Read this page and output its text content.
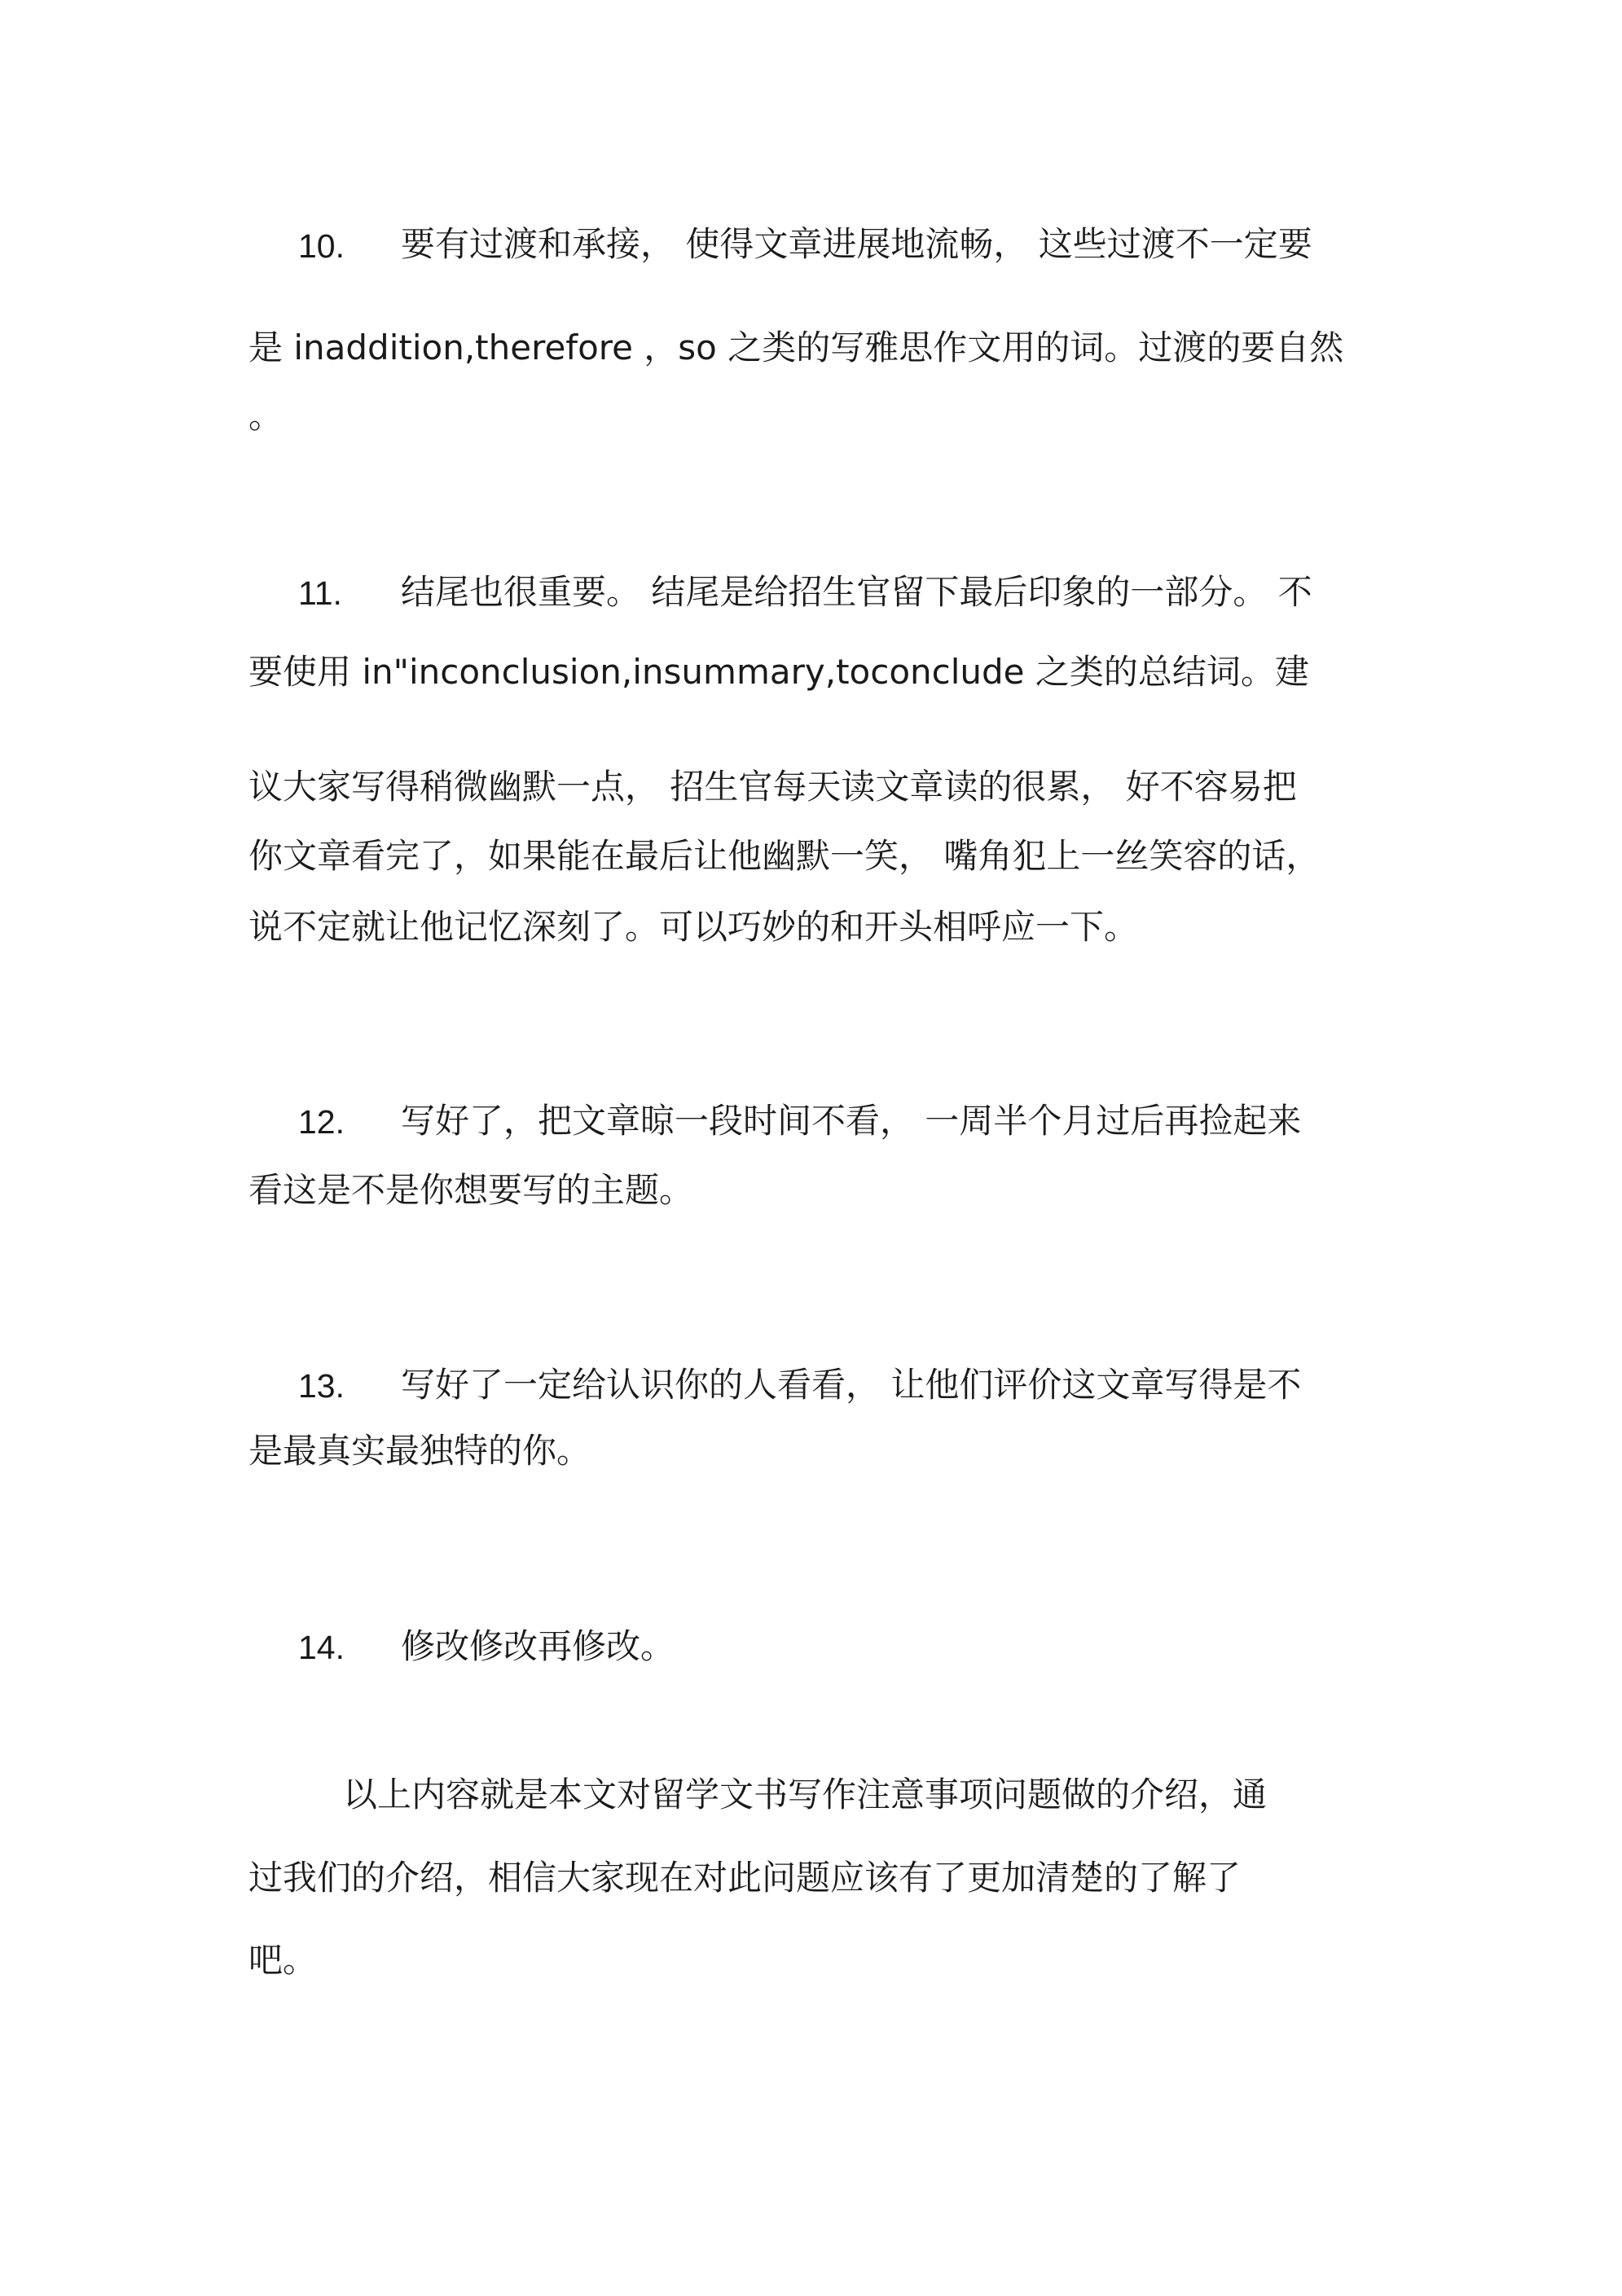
10. 要有过渡和承接， 使得文章进展地流畅， 这些过渡不一定要
是 inaddition,therefore ，so 之类的写雅思作文用的词。过渡的要自然
。
11. 结尾也很重要。 结尾是给招生官留下最后印象的一部分。 不
要使用 in"inconclusion,insummary,toconclude 之类的总结词。建
议大家写得稍微幽默一点， 招生官每天读文章读的很累， 好不容易把
你文章看完了，如果能在最后让他幽默一笑， 嘴角犯上一丝笑容的话，
说不定就让他记忆深刻了。可以巧妙的和开头相呼应一下。
12. 写好了，把文章晾一段时间不看， 一周半个月过后再捡起来
看这是不是你想要写的主题。
13. 写好了一定给认识你的人看看， 让他们评价这文章写得是不
是最真实最独特的你。
14. 修改修改再修改。
以上内容就是本文对留学文书写作注意事项问题做的介绍，通
过我们的介绍，相信大家现在对此问题应该有了更加清楚的了解了
吧。
